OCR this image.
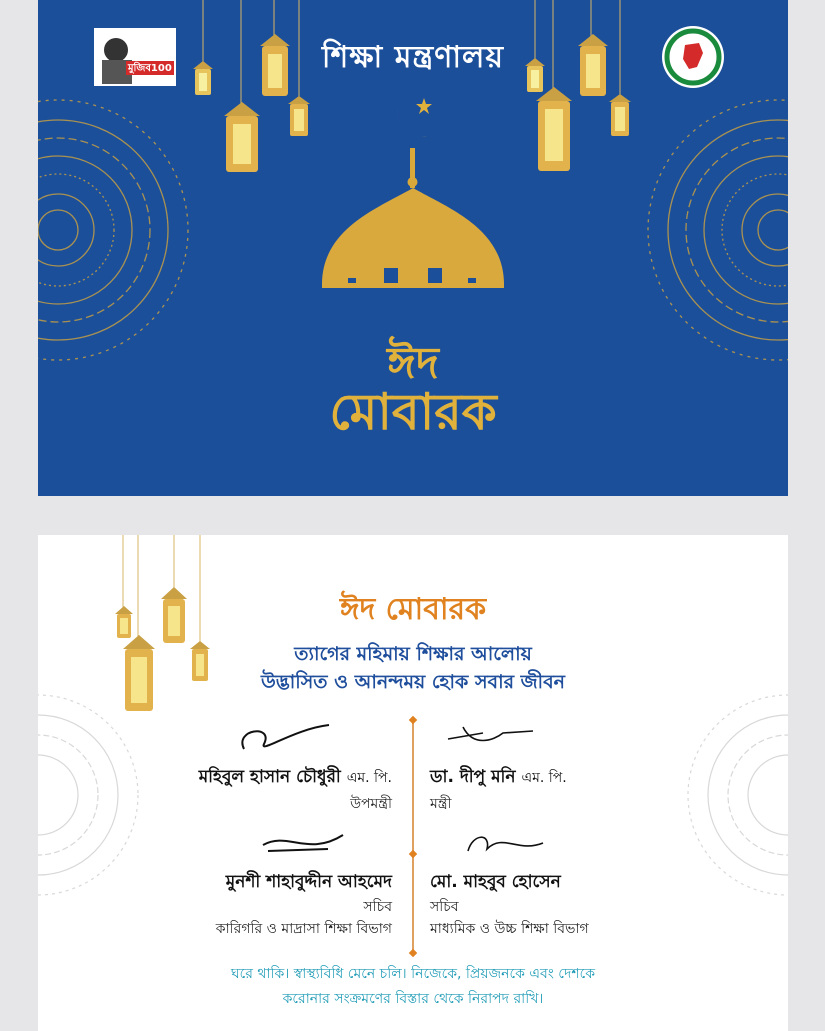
মুজিব100	শিক্ষা মন্ত্রণালয়
ঈদ
মোবারক
ঈদ মোবারক
ত্যাগের মহিমায় শিক্ষার আলোয়
উদ্ভাসিত ও আনন্দময় হোক সবার জীবন
মহিবুল হাসান চৌধুরী এম. পি.
উপমন্ত্রী
মুনশী শাহাবুদ্দীন আহমেদ
সচিব
কারিগরি ও মাদ্রাসা শিক্ষা বিভাগ
ডা. দীপু মনি এম. পি.
মন্ত্রী
মো. মাহবুব হোসেন
সচিব
মাধ্যমিক ও উচ্চ শিক্ষা বিভাগ
ঘরে থাকি। স্বাস্থ্যবিধি মেনে চলি। নিজেকে, প্রিয়জনকে এবং দেশকে
করোনার সংক্রমণের বিস্তার থেকে নিরাপদ রাখি।
